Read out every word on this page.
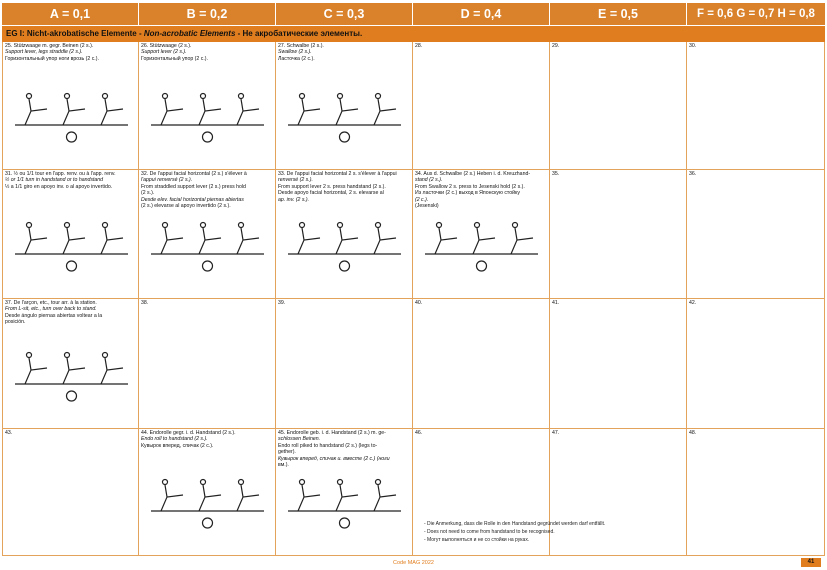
A = 0,1	B = 0,2	C = 0,3	D = 0,4	E = 0,5	F = 0,6 G = 0,7 H = 0,8
EG I: Nicht-akrobatische Elemente - Non-acrobatic Elements - Не акробатические элементы.
25. Stützwaage m. gegr. Beinen (2 s.).
Support lever, legs straddle (2 s.).
Горизонтальный упор ноги врозь (2 с.).
26. Stützwaage (2 s.).
Support lever (2 s.).
Горизонтальный упор (2 с.).
27. Schwalbe (2 s.).
Swallow (2 s.).
Ласточка (2 с.).
28.	29.	30.
31. ½ ou 1/1 tour en l'app. renv. ou à l'app. renv.
½ or 1/1 turn in handstand or to handstand
½ a 1/1 giro en apoyo inv. o al apoyo invertido.
32. De l'appui facial horizontal (2 s.) s'élever à
l'appui renversé (2 s.).
From straddled support lever (2 s.) press hold
(2 s.).
Desde elev. facial horizontal piernas abiertas
(2 s.) elevarse al apoyo invertido (2 s.).
33. De l'appui facial horizontal 2 s. s'élever à l'appui
renversé (2 s.).
From support lever 2 s. press handstand (2 s.).
Desde apoyo facial horizontal, 2 s. elevarse al
ap. inv. (2 s.).
34. Aus d. Schwalbe (2 s.) Heben i. d. Kreuzhand-
stand (2 s.).
From Swallow 2 s. press to Jesenski hold (2 s.).
Из ласточки (2 с.) выход в Японскую стойку
(2 с.).
(Jesenski)
35.	36.
37. De l'arçon, etc., tour arr. à la station.
From L-sit, etc., turn over back to stand.
Desde ángulo piernas abiertas voltear a la
posición.
38.	39.	40.	41.	42.
43.	44. Endorolle gegr. i. d. Handstand (2 s.).
Endo roll to handstand (2 s.).
Кувырок вперед, спичак (2 с.).
45. Endorolle geb. i. d. Handstand (2 s.) m. ge-
schlossen Beinen.
Endo roll piked to handstand (2 s.) (legs to-
gether).
Кувырок вперед, спичак и. вместе (2 с.) (ноги
вм.).
46.	47.	48.
- Die Anmerkung, dass die Rolle in den Handstand gegründet werden darf entfällt.
- Does not need to come from handstand to be recognised.
- Могут выполняться и не со стойки на руках.
Code MAG 2022	41
